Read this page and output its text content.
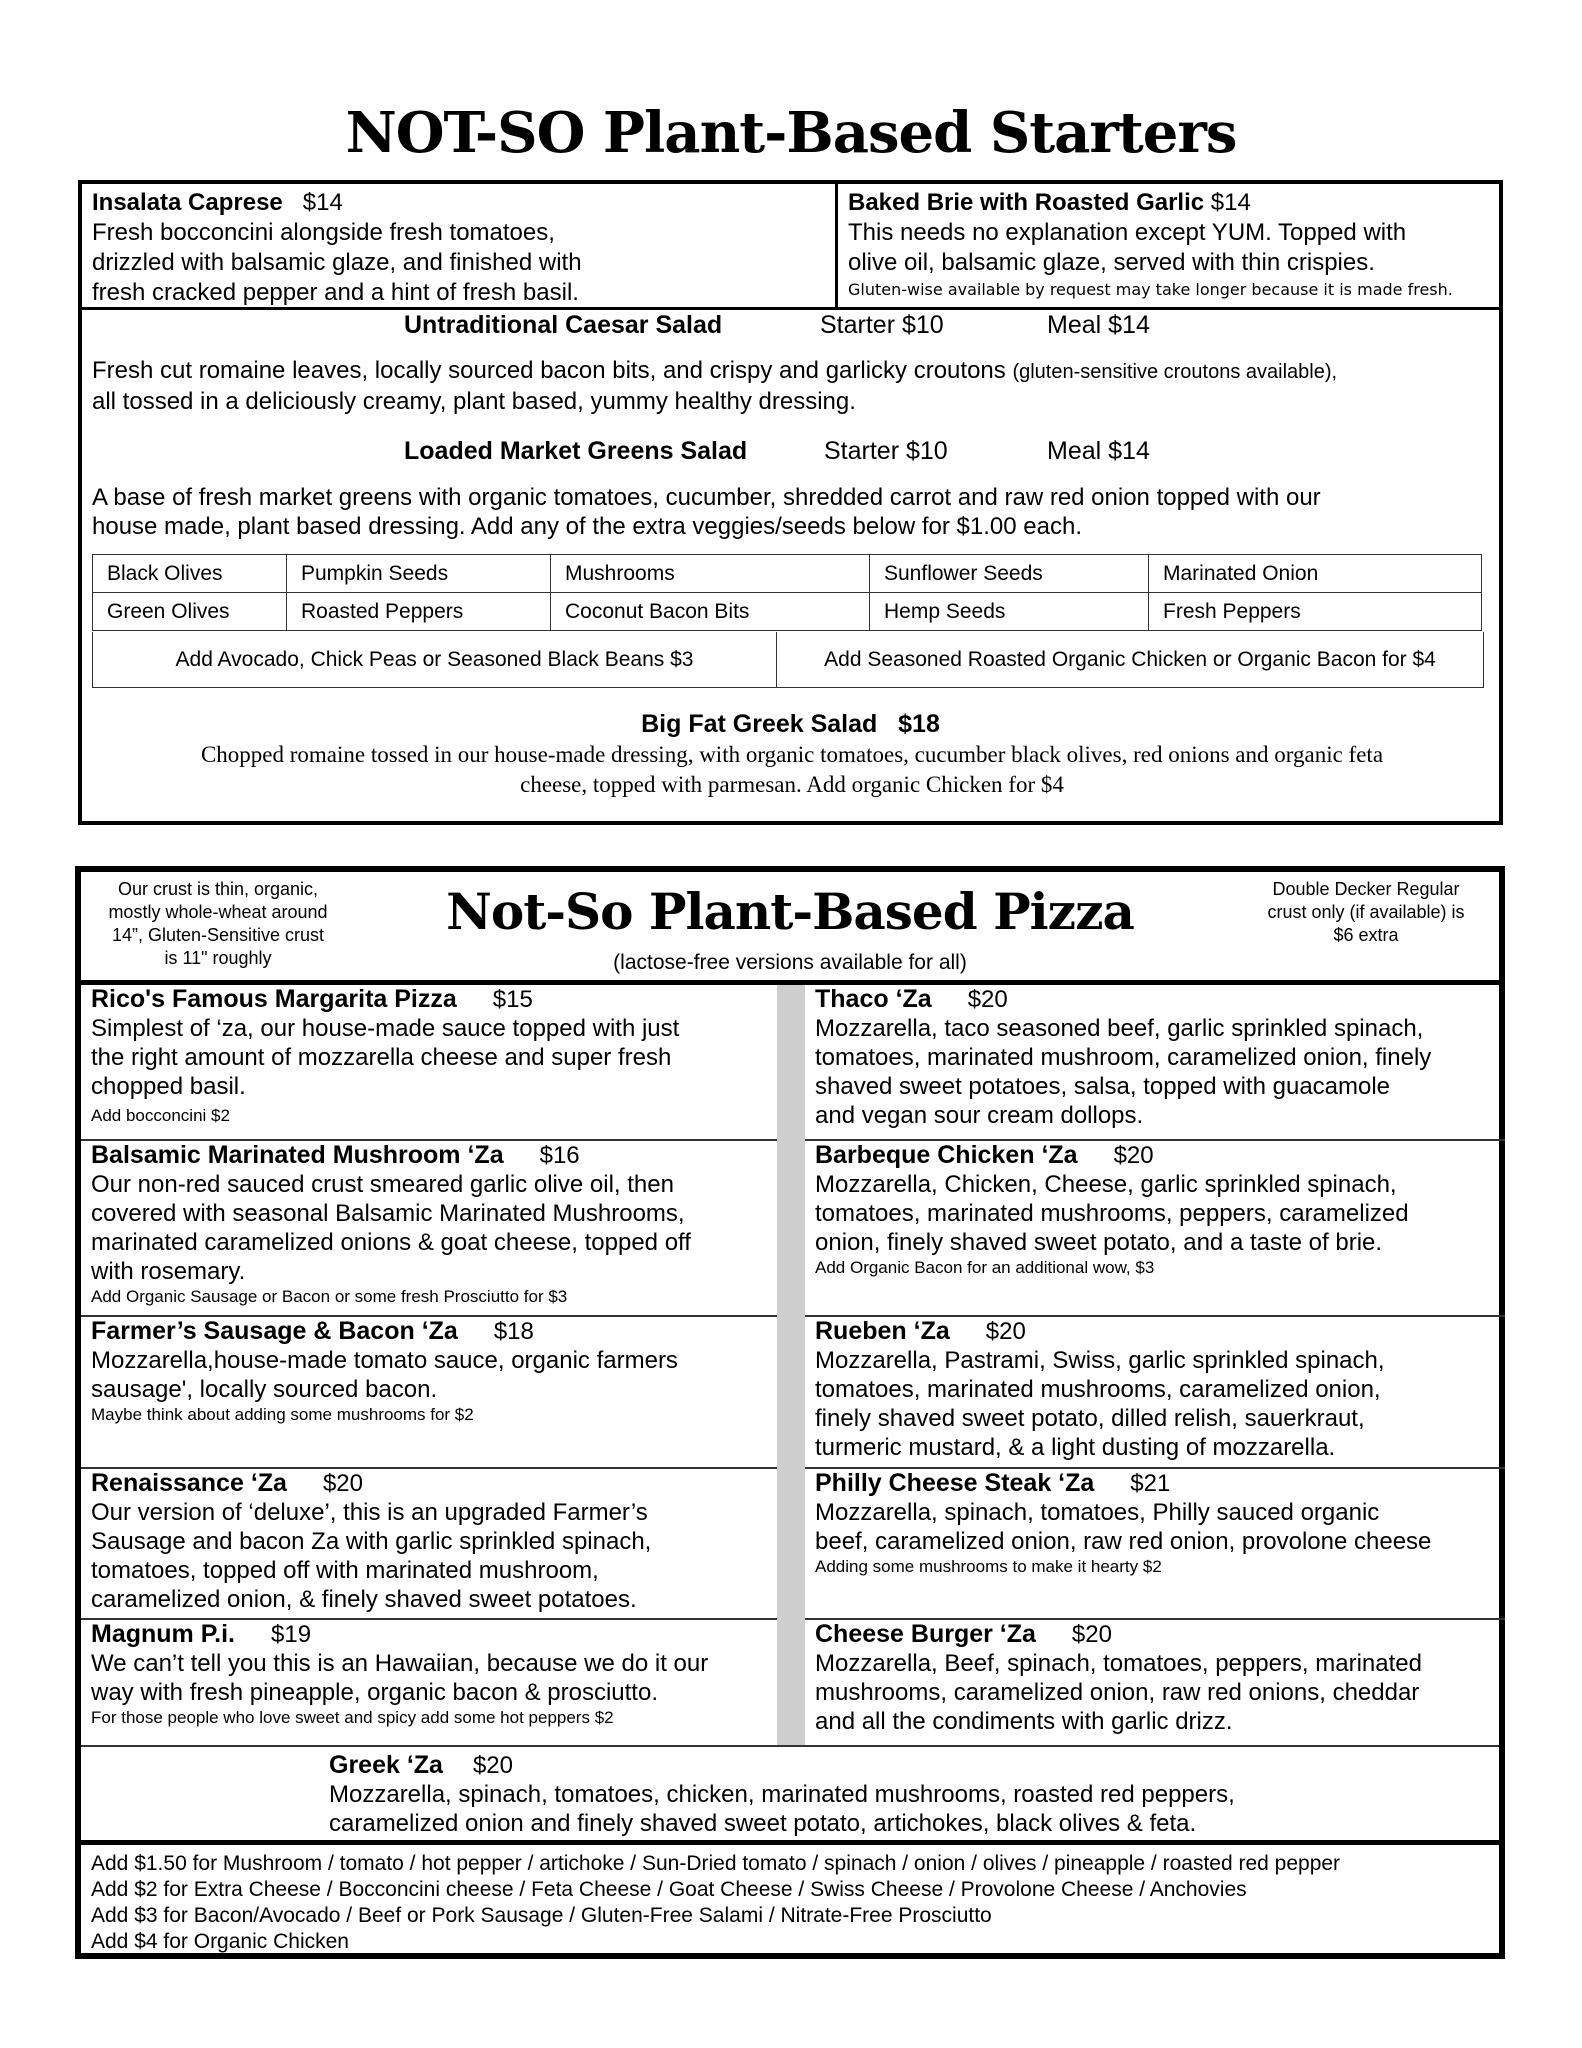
NOT-SO Plant-Based Starters
Insalata Caprese $14
Fresh bocconcini alongside fresh tomatoes,
drizzled with balsamic glaze, and finished with
fresh cracked pepper and a hint of fresh basil.
Baked Brie with Roasted Garlic $14
This needs no explanation except YUM. Topped with
olive oil, balsamic glaze, served with thin crispies.
Gluten-wise available by request may take longer because it is made fresh.
Untraditional Caesar Salad	Starter $10	Meal $14
Fresh cut romaine leaves, locally sourced bacon bits, and crispy and garlicky croutons (gluten-sensitive croutons available),
all tossed in a deliciously creamy, plant based, yummy healthy dressing.
Loaded Market Greens Salad	Starter $10	Meal $14
A base of fresh market greens with organic tomatoes, cucumber, shredded carrot and raw red onion topped with our
house made, plant based dressing. Add any of the extra veggies/seeds below for $1.00 each.
Black Olives	Pumpkin Seeds	Mushrooms	Sunflower Seeds	Marinated Onion
Green Olives	Roasted Peppers	Coconut Bacon Bits	Hemp Seeds	Fresh Peppers
Add Avocado, Chick Peas or Seasoned Black Beans $3	Add Seasoned Roasted Organic Chicken or Organic Bacon for $4
Big Fat Greek Salad $18
Chopped romaine tossed in our house-made dressing, with organic tomatoes, cucumber black olives, red onions and organic feta
cheese, topped with parmesan. Add organic Chicken for $4
Our crust is thin, organic,
mostly whole-wheat around
14”, Gluten-Sensitive crust
is 11" roughly
Not-So Plant-Based Pizza
(lactose-free versions available for all)
Double Decker Regular
crust only (if available) is
$6 extra
Rico's Famous Margarita Pizza $15
Simplest of ‘za, our house-made sauce topped with just
the right amount of mozzarella cheese and super fresh
chopped basil.
Add bocconcini $2
Thaco ‘Za $20
Mozzarella, taco seasoned beef, garlic sprinkled spinach,
tomatoes, marinated mushroom, caramelized onion, finely
shaved sweet potatoes, salsa, topped with guacamole
and vegan sour cream dollops.
Balsamic Marinated Mushroom ‘Za $16
Our non-red sauced crust smeared garlic olive oil, then
covered with seasonal Balsamic Marinated Mushrooms,
marinated caramelized onions & goat cheese, topped off
with rosemary.
Add Organic Sausage or Bacon or some fresh Prosciutto for $3
Barbeque Chicken ‘Za $20
Mozzarella, Chicken, Cheese, garlic sprinkled spinach,
tomatoes, marinated mushrooms, peppers, caramelized
onion, finely shaved sweet potato, and a taste of brie.
Add Organic Bacon for an additional wow, $3
Farmer’s Sausage & Bacon ‘Za $18
Mozzarella,house-made tomato sauce, organic farmers
sausage', locally sourced bacon.
Maybe think about adding some mushrooms for $2
Rueben ‘Za $20
Mozzarella, Pastrami, Swiss, garlic sprinkled spinach,
tomatoes, marinated mushrooms, caramelized onion,
finely shaved sweet potato, dilled relish, sauerkraut,
turmeric mustard, & a light dusting of mozzarella.
Renaissance ‘Za $20
Our version of ‘deluxe’, this is an upgraded Farmer’s
Sausage and bacon Za with garlic sprinkled spinach,
tomatoes, topped off with marinated mushroom,
caramelized onion, & finely shaved sweet potatoes.
Philly Cheese Steak ‘Za $21
Mozzarella, spinach, tomatoes, Philly sauced organic
beef, caramelized onion, raw red onion, provolone cheese
Adding some mushrooms to make it hearty $2
Magnum P.i. $19
We can’t tell you this is an Hawaiian, because we do it our
way with fresh pineapple, organic bacon & prosciutto.
For those people who love sweet and spicy add some hot peppers $2
Cheese Burger ‘Za $20
Mozzarella, Beef, spinach, tomatoes, peppers, marinated
mushrooms, caramelized onion, raw red onions, cheddar
and all the condiments with garlic drizz.
Greek ‘Za $20
Mozzarella, spinach, tomatoes, chicken, marinated mushrooms, roasted red peppers,
caramelized onion and finely shaved sweet potato, artichokes, black olives & feta.
Add $1.50 for Mushroom / tomato / hot pepper / artichoke / Sun-Dried tomato / spinach / onion / olives / pineapple / roasted red pepper
Add $2 for Extra Cheese / Bocconcini cheese / Feta Cheese / Goat Cheese / Swiss Cheese / Provolone Cheese / Anchovies
Add $3 for Bacon/Avocado / Beef or Pork Sausage / Gluten-Free Salami / Nitrate-Free Prosciutto
Add $4 for Organic Chicken
